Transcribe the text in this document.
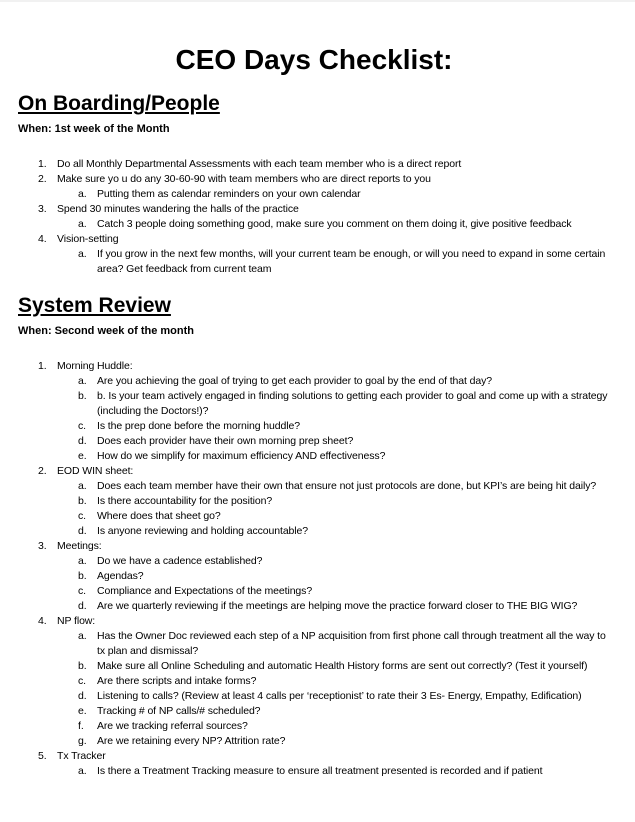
CEO Days Checklist:
On Boarding/People

When: 1st week of the Month

Do all Monthly Departmental Assessments with each team member who is a direct report
Make sure yo u do any 30-60-90 with team members who are direct reports to you
Putting them as calendar reminders on your own calendar
Spend 30 minutes wandering the halls of the practice
Catch 3 people doing something good, make sure you comment on them doing it, give positive feedback
Vision-setting
If you grow in the next few months, will your current team be enough, or will you need to expand in some certain area? Get feedback from current team
System Review

When: Second week of the month

Morning Huddle:
Are you achieving the goal of trying to get each provider to goal by the end of that day?
b. Is your team actively engaged in finding solutions to getting each provider to goal and come up with a strategy (including the Doctors!)?
Is the prep done before the morning huddle?
Does each provider have their own morning prep sheet?
How do we simplify for maximum efficiency AND effectiveness?
EOD WIN sheet:
Does each team member have their own that ensure not just protocols are done, but KPI’s are being hit daily?
Is there accountability for the position?
Where does that sheet go?
Is anyone reviewing and holding accountable?
Meetings:
Do we have a cadence established?
Agendas?
Compliance and Expectations of the meetings?
Are we quarterly reviewing if the meetings are helping move the practice forward closer to THE BIG WIG?
NP flow:
Has the Owner Doc reviewed each step of a NP acquisition from first phone call through treatment all the way to tx plan and dismissal?
Make sure all Online Scheduling and automatic Health History forms are sent out correctly? (Test it yourself)
Are there scripts and intake forms?
Listening to calls? (Review at least 4 calls per ‘receptionist’ to rate their 3 Es- Energy, Empathy, Edification)
Tracking # of NP calls/# scheduled?
Are we tracking referral sources?
Are we retaining every NP? Attrition rate?
Tx Tracker
Is there a Treatment Tracking measure to ensure all treatment presented is recorded and if patient
